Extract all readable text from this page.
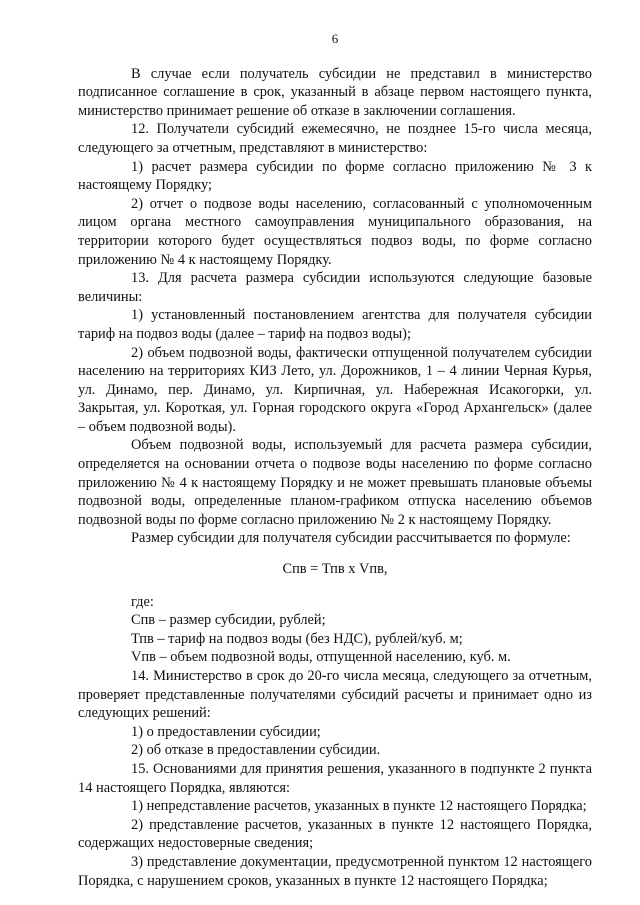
6

В случае если получатель субсидии не представил в министерство подписанное соглашение в срок, указанный в абзаце первом настоящего пункта, министерство принимает решение об отказе в заключении соглашения.

12. Получатели субсидий ежемесячно, не позднее 15-го числа месяца, следующего за отчетным, представляют в министерство:

1) расчет размера субсидии по форме согласно приложению № 3 к настоящему Порядку;

2) отчет о подвозе воды населению, согласованный с уполномоченным лицом органа местного самоуправления муниципального образования, на территории которого будет осуществляться подвоз воды, по форме согласно приложению № 4 к настоящему Порядку.

13. Для расчета размера субсидии используются следующие базовые величины:

1) установленный постановлением агентства для получателя субсидии тариф на подвоз воды (далее – тариф на подвоз воды);

2) объем подвозной воды, фактически отпущенной получателем субсидии населению на территориях КИЗ Лето, ул. Дорожников, 1 – 4 линии Черная Курья, ул. Динамо, пер. Динамо, ул. Кирпичная, ул. Набережная Исакогорки, ул. Закрытая, ул. Короткая, ул. Горная городского округа «Город Архангельск» (далее – объем подвозной воды).

Объем подвозной воды, используемый для расчета размера субсидии, определяется на основании отчета о подвозе воды населению по форме согласно приложению № 4 к настоящему Порядку и не может превышать плановые объемы подвозной воды, определенные планом-графиком отпуска населению объемов подвозной воды по форме согласно приложению № 2 к настоящему Порядку.

Размер субсидии для получателя субсидии рассчитывается по формуле:

Спв = Тпв х Vпв,

где:

Спв – размер субсидии, рублей;

Тпв – тариф на подвоз воды (без НДС), рублей/куб. м;

Vпв – объем подвозной воды, отпущенной населению, куб. м.

14. Министерство в срок до 20-го числа месяца, следующего за отчетным, проверяет представленные получателями субсидий расчеты и принимает одно из следующих решений:

1) о предоставлении субсидии;

2) об отказе в предоставлении субсидии.

15. Основаниями для принятия решения, указанного в подпункте 2 пункта 14 настоящего Порядка, являются:

1) непредставление расчетов, указанных в пункте 12 настоящего Порядка;

2) представление расчетов, указанных в пункте 12 настоящего Порядка, содержащих недостоверные сведения;

3) представление документации, предусмотренной пунктом 12 настоящего Порядка, с нарушением сроков, указанных в пункте 12 настоящего Порядка;
